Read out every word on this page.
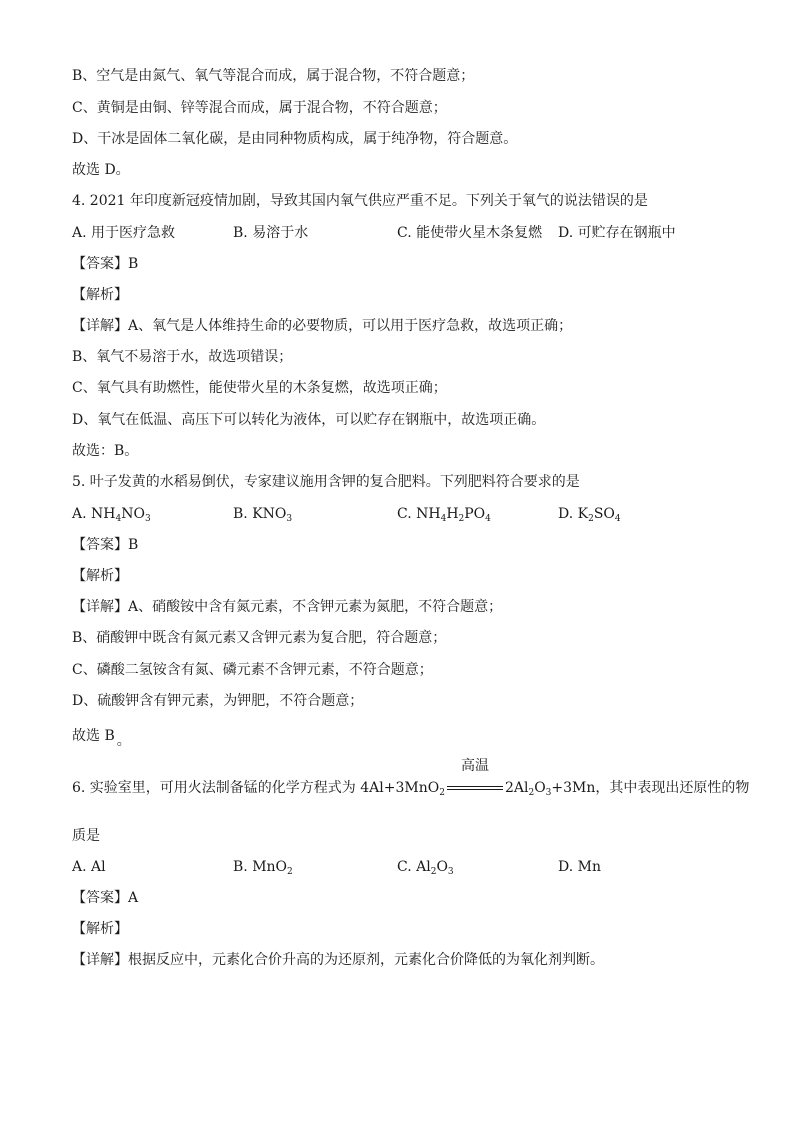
B、空气是由氮气、氧气等混合而成，属于混合物，不符合题意；
C、黄铜是由铜、锌等混合而成，属于混合物，不符合题意；
D、干冰是固体二氧化碳，是由同种物质构成，属于纯净物，符合题意。
故选 D。
4. 2021 年印度新冠疫情加剧，导致其国内氧气供应严重不足。下列关于氧气的说法错误的是
A. 用于医疗急救	B. 易溶于水	C. 能使带火星木条复燃 D. 可贮存在钢瓶中
【答案】B
【解析】
【详解】A、氧气是人体维持生命的必要物质，可以用于医疗急救，故选项正确；
B、氧气不易溶于水，故选项错误；
C、氧气具有助燃性，能使带火星的木条复燃，故选项正确；
D、氧气在低温、高压下可以转化为液体，可以贮存在钢瓶中，故选项正确。
故选：B。
5. 叶子发黄的水稻易倒伏，专家建议施用含钾的复合肥料。下列肥料符合要求的是
A. $NH_4NO_3$	B. $KNO_3$	C. $NH_4H_2PO_4$	D. $K_2SO_4$
【答案】B
【解析】
【详解】A、硝酸铵中含有氮元素，不含钾元素为氮肥，不符合题意；
B、硝酸钾中既含有氮元素又含钾元素为复合肥，符合题意；
C、磷酸二氢铵含有氮、磷元素不含钾元素，不符合题意；
D、硫酸钾含有钾元素，为钾肥，不符合题意；
故选 B 。
6. 实验室里，可用火法制备锰的化学方程式为 4Al+3MnO$_2$
高温
$2Al_2O_3+3Mn$，其中表现出还原性的物
质是
A. Al	B. MnO$_2$	C. $Al_2O_3$	D. Mn
【答案】A
【解析】
【详解】根据反应中，元素化合价升高的为还原剂，元素化合价降低的为氧化剂判断。
